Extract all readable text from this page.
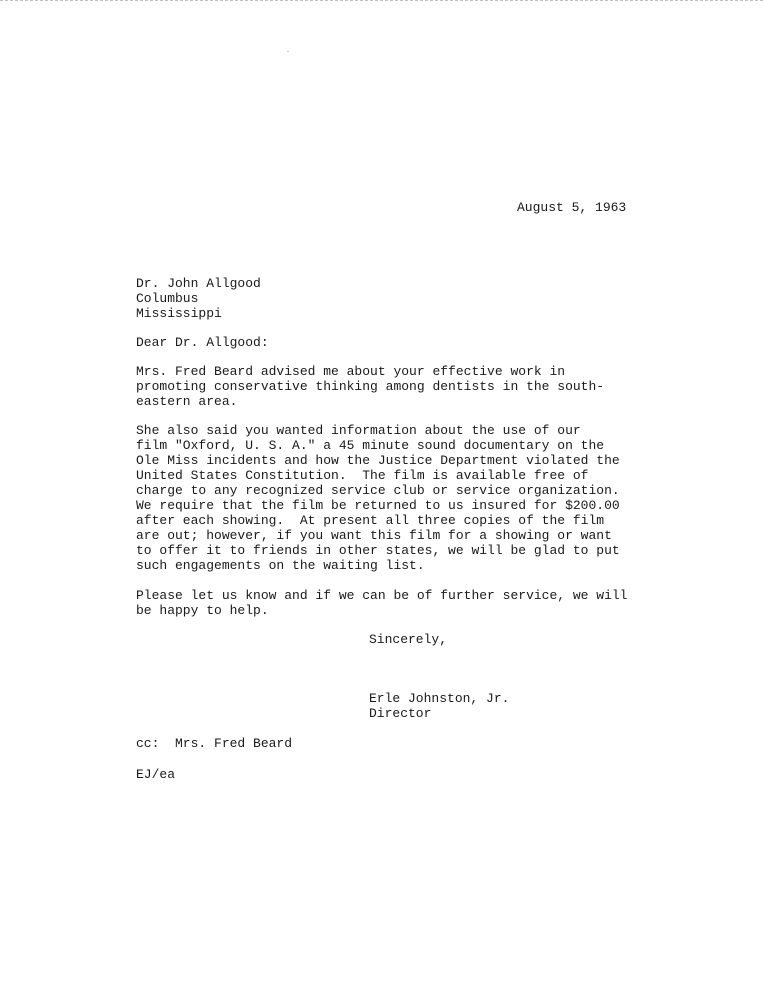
August 5, 1963
Dr. John Allgood
Columbus
Mississippi
Dear Dr. Allgood:
Mrs. Fred Beard advised me about your effective work in
promoting conservative thinking among dentists in the south-
eastern area.
She also said you wanted information about the use of our
film "Oxford, U. S. A." a 45 minute sound documentary on the
Ole Miss incidents and how the Justice Department violated the
United States Constitution.  The film is available free of
charge to any recognized service club or service organization.
We require that the film be returned to us insured for $200.00
after each showing.  At present all three copies of the film
are out; however, if you want this film for a showing or want
to offer it to friends in other states, we will be glad to put
such engagements on the waiting list.
Please let us know and if we can be of further service, we will
be happy to help.
Sincerely,
Erle Johnston, Jr.
Director
cc:  Mrs. Fred Beard
EJ/ea
